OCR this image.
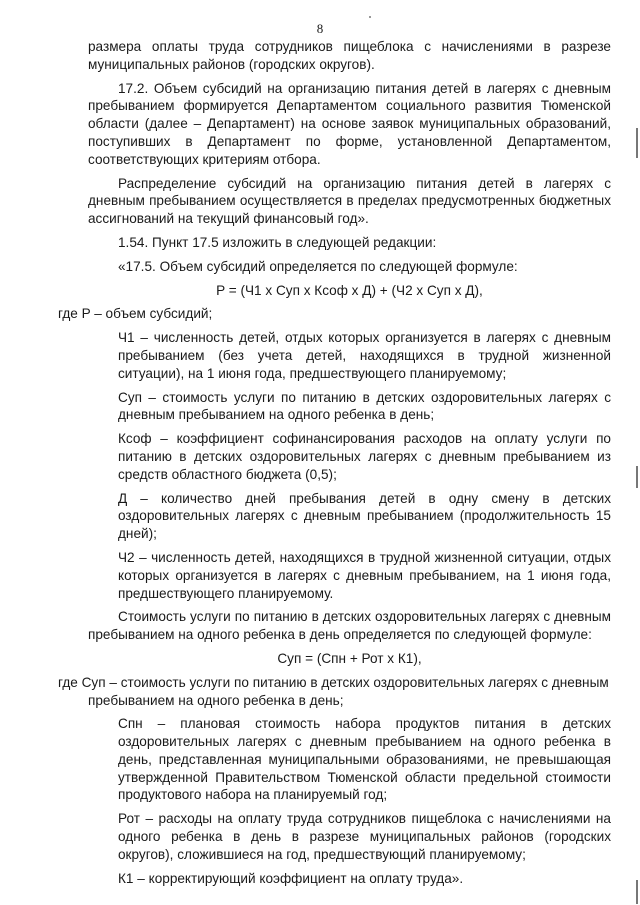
8

размера оплаты труда сотрудников пищеблока с начислениями в разрезе муниципальных районов (городских округов).

17.2. Объем субсидий на организацию питания детей в лагерях с дневным пребыванием формируется Департаментом социального развития Тюменской области (далее – Департамент) на основе заявок муниципальных образований, поступивших в Департамент по форме, установленной Департаментом, соответствующих критериям отбора.

Распределение субсидий на организацию питания детей в лагерях с дневным пребыванием осуществляется в пределах предусмотренных бюджетных ассигнований на текущий финансовый год».

1.54. Пункт 17.5 изложить в следующей редакции:

«17.5. Объем субсидий определяется по следующей формуле:

P = (Ч1 x Суп x Ксоф x Д) + (Ч2 x Суп x Д),

где P – объем субсидий;

Ч1 – численность детей, отдых которых организуется в лагерях с дневным пребыванием (без учета детей, находящихся в трудной жизненной ситуации), на 1 июня года, предшествующего планируемому;

Суп – стоимость услуги по питанию в детских оздоровительных лагерях с дневным пребыванием на одного ребенка в день;

Ксоф – коэффициент софинансирования расходов на оплату услуги по питанию в детских оздоровительных лагерях с дневным пребыванием из средств областного бюджета (0,5);

Д – количество дней пребывания детей в одну смену в детских оздоровительных лагерях с дневным пребыванием (продолжительность 15 дней);

Ч2 – численность детей, находящихся в трудной жизненной ситуации, отдых которых организуется в лагерях с дневным пребыванием, на 1 июня года, предшествующего планируемому.

Стоимость услуги по питанию в детских оздоровительных лагерях с дневным пребыванием на одного ребенка в день определяется по следующей формуле:

Суп = (Спн + Рот x К1),

где Суп – стоимость услуги по питанию в детских оздоровительных лагерях с дневным пребыванием на одного ребенка в день;

Спн – плановая стоимость набора продуктов питания в детских оздоровительных лагерях с дневным пребыванием на одного ребенка в день, представленная муниципальными образованиями, не превышающая утвержденной Правительством Тюменской области предельной стоимости продуктового набора на планируемый год;

Рот – расходы на оплату труда сотрудников пищеблока с начислениями на одного ребенка в день в разрезе муниципальных районов (городских округов), сложившиеся на год, предшествующий планируемому;

К1 – корректирующий коэффициент на оплату труда».
